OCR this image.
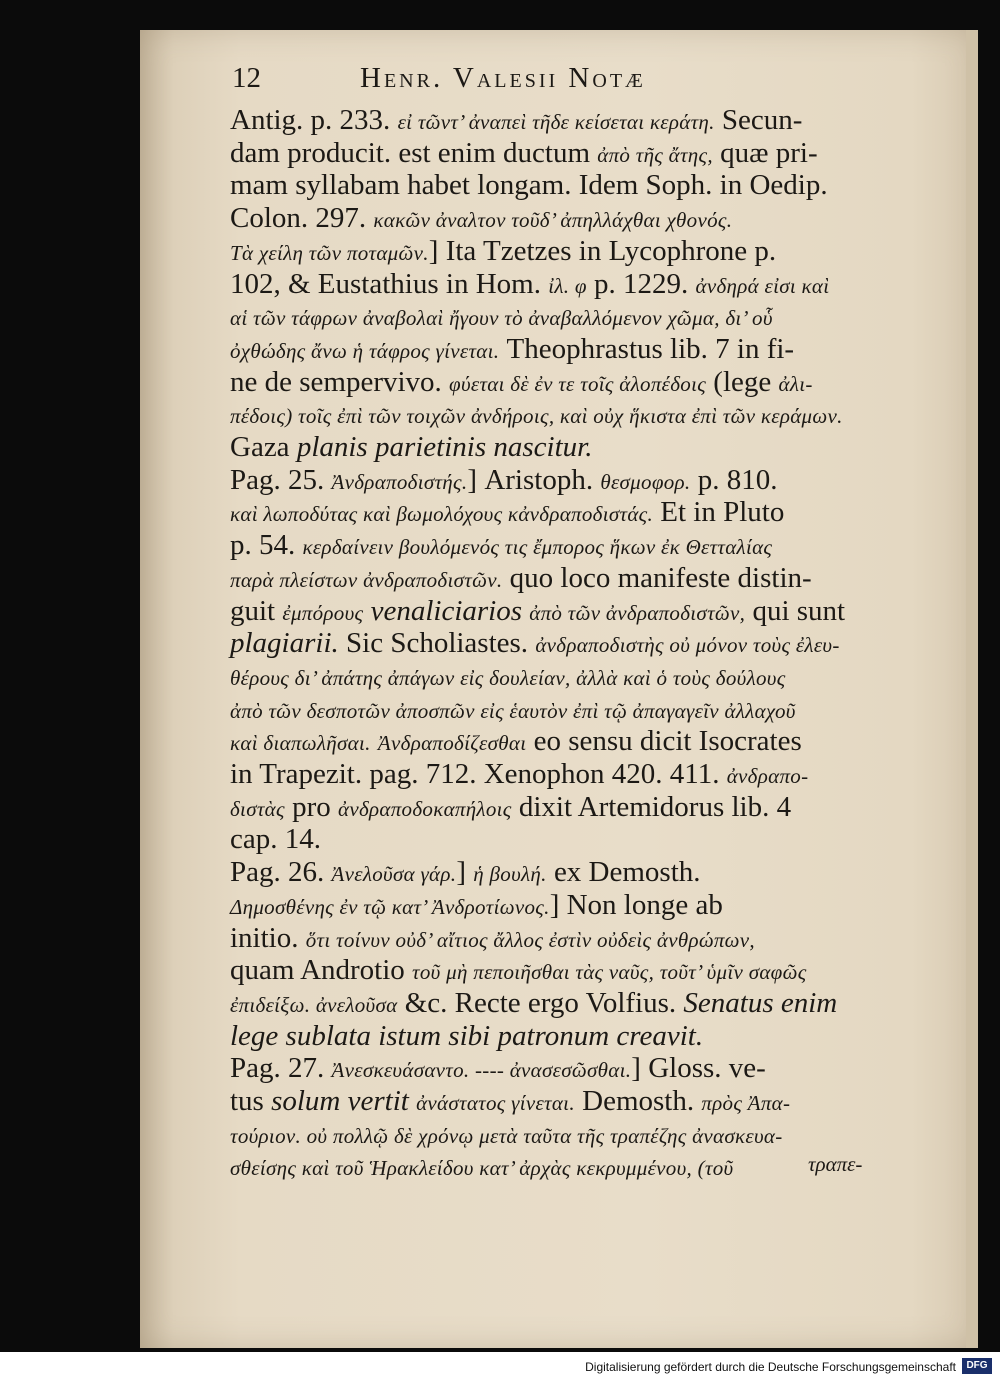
12	Henr. Valesii Notæ
Antig. p. 233. εἰ τῶντ’ ἀναπεὶ τῆδε κείσεται κεράτη. Secun-
dam producit. est enim ductum ἀπὸ τῆς ἄτης, quæ pri-
mam syllabam habet longam. Idem Soph. in Oedip.
Colon. 297. κακῶν ἀναλτον τοῦδ’ ἀπηλλάχθαι χθονός.
Τὰ χείλη τῶν ποταμῶν.] Ita Tzetzes in Lycophrone p.
102, & Eustathius in Hom. ἰλ. φ p. 1229. ἀνδηρά εἰσι καὶ
αἱ τῶν τάφρων ἀναβολαὶ ἤγουν τὸ ἀναβαλλόμενον χῶμα, δι’ οὗ
ὀχθώδης ἄνω ἡ τάφρος γίνεται. Theophrastus lib. 7 in fi-
ne de sempervivo. φύεται δὲ ἐν τε τοῖς ἀλοπέδοις (lege ἀλι-
πέδοις) τοῖς ἐπὶ τῶν τοιχῶν ἀνδήροις, καὶ οὐχ ἥκιστα ἐπὶ τῶν κεράμων.
Gaza planis parietinis nascitur.
Pag. 25. Ἀνδραποδιστής.] Aristoph. θεσμοφορ. p. 810.
καὶ λωποδύτας καὶ βωμολόχους κἀνδραποδιστάς. Et in Pluto
p. 54. κερδαίνειν βουλόμενός τις ἔμπορος ἥκων ἐκ Θετταλίας
παρὰ πλείστων ἀνδραποδιστῶν. quo loco manifeste distin-
guit ἐμπόρους venaliciarios ἀπὸ τῶν ἀνδραποδιστῶν, qui sunt
plagiarii. Sic Scholiastes. ἀνδραποδιστὴς οὐ μόνον τοὺς ἐλευ-
θέρους δι’ ἀπάτης ἀπάγων εἰς δουλείαν, ἀλλὰ καὶ ὁ τοὺς δούλους
ἀπὸ τῶν δεσποτῶν ἀποσπῶν εἰς ἑαυτὸν ἐπὶ τῷ ἀπαγαγεῖν ἀλλαχοῦ
καὶ διαπωλῆσαι. Ἀνδραποδίζεσθαι eo sensu dicit Isocrates
in Trapezit. pag. 712. Xenophon 420. 411. ἀνδραπο-
διστὰς pro ἀνδραποδοκαπήλοις dixit Artemidorus lib. 4
cap. 14.
Pag. 26. Ἀνελοῦσα γάρ.] ἡ βουλή. ex Demosth.
Δημοσθένης ἐν τῷ κατ’ Ἀνδροτίωνος.] Non longe ab
initio. ὅτι τοίνυν οὐδ’ αἴτιος ἄλλος ἐστὶν οὐδεὶς ἀνθρώπων,
quam Androtio τοῦ μὴ πεποιῆσθαι τὰς ναῦς, τοῦτ’ ὑμῖν σαφῶς
ἐπιδείξω. ἀνελοῦσα &c. Recte ergo Volfius. Senatus enim
lege sublata istum sibi patronum creavit.
Pag. 27. Ἀνεσκευάσαντο. ---- ἀνασεσῶσθαι.] Gloss. ve-
tus solum vertit ἀνάστατος γίνεται. Demosth. πρὸς Ἀπα-
τούριον. οὐ πολλῷ δὲ χρόνῳ μετὰ ταῦτα τῆς τραπέζης ἀνασκευα-
σθείσης καὶ τοῦ Ἡρακλείδου κατ’ ἀρχὰς κεκρυμμένου, (τοῦ	τραπε-
Digitalisierung gefördert durch die Deutsche Forschungsgemeinschaft	DFG
